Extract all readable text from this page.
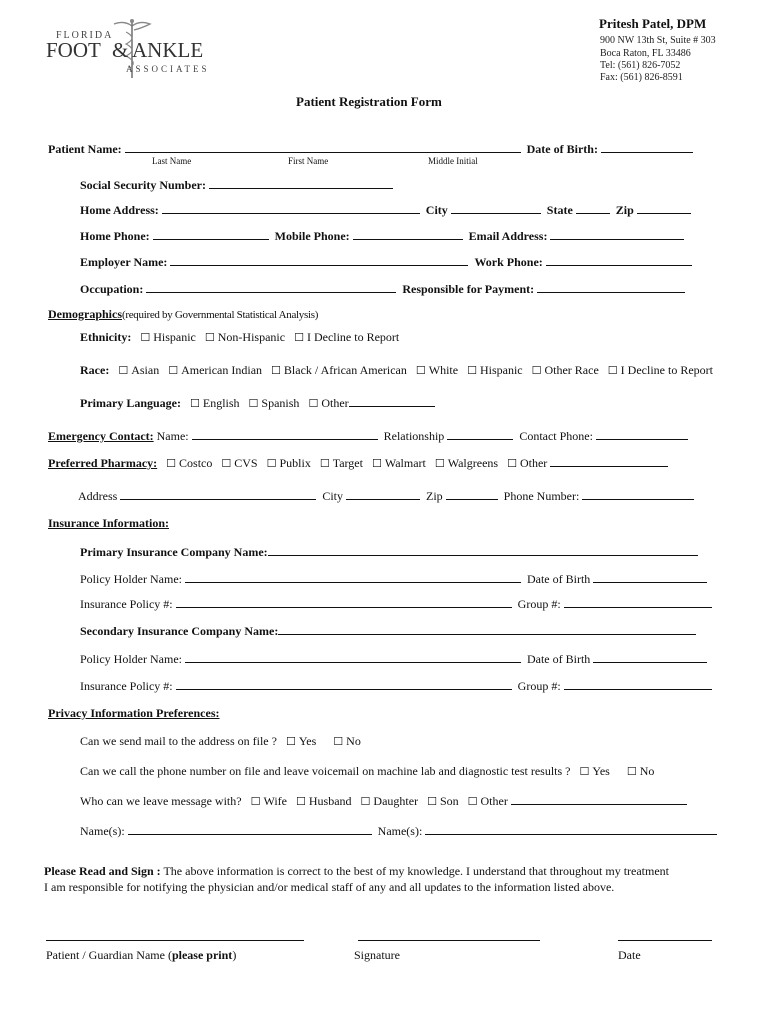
FLORIDA
FOOT & ANKLE
ASSOCIATES
Pritesh Patel, DPM
900 NW 13th St, Suite # 303
Boca Raton, FL 33486
Tel: (561) 826-7052
Fax: (561) 826-8591
Patient Registration Form
Patient Name:	Date of Birth:
Last Name	First Name	Middle Initial
Social Security Number:
Home Address:	City	State	Zip
Home Phone:	Mobile Phone:	Email Address:
Employer Name:	Work Phone:
Occupation:	Responsible for Payment:
Demographics(required by Governmental Statistical Analysis)
Ethnicity: ☐ Hispanic ☐ Non-Hispanic ☐ I Decline to Report
Race: ☐ Asian ☐ American Indian ☐ Black / African American ☐ White ☐ Hispanic ☐ Other Race ☐ I Decline to Report
Primary Language: ☐ English ☐ Spanish ☐ Other
Emergency Contact: Name:	Relationship	Contact Phone:
Preferred Pharmacy: ☐ Costco ☐ CVS ☐ Publix ☐ Target ☐ Walmart ☐ Walgreens ☐ Other
Address	City	Zip	Phone Number:
Insurance Information:
Primary Insurance Company Name:
Policy Holder Name:	Date of Birth
Insurance Policy #:	Group #:
Secondary Insurance Company Name:
Policy Holder Name:	Date of Birth
Insurance Policy #:	Group #:
Privacy Information Preferences:
Can we send mail to the address on file ? ☐ Yes ☐ No
Can we call the phone number on file and leave voicemail on machine lab and diagnostic test results ? ☐ Yes ☐ No
Who can we leave message with? ☐ Wife ☐ Husband ☐ Daughter ☐ Son ☐ Other
Name(s):	Name(s):
Please Read and Sign : The above information is correct to the best of my knowledge. I understand that throughout my treatment
I am responsible for notifying the physician and/or medical staff of any and all updates to the information listed above.
Patient / Guardian Name (please print)	Signature	Date
